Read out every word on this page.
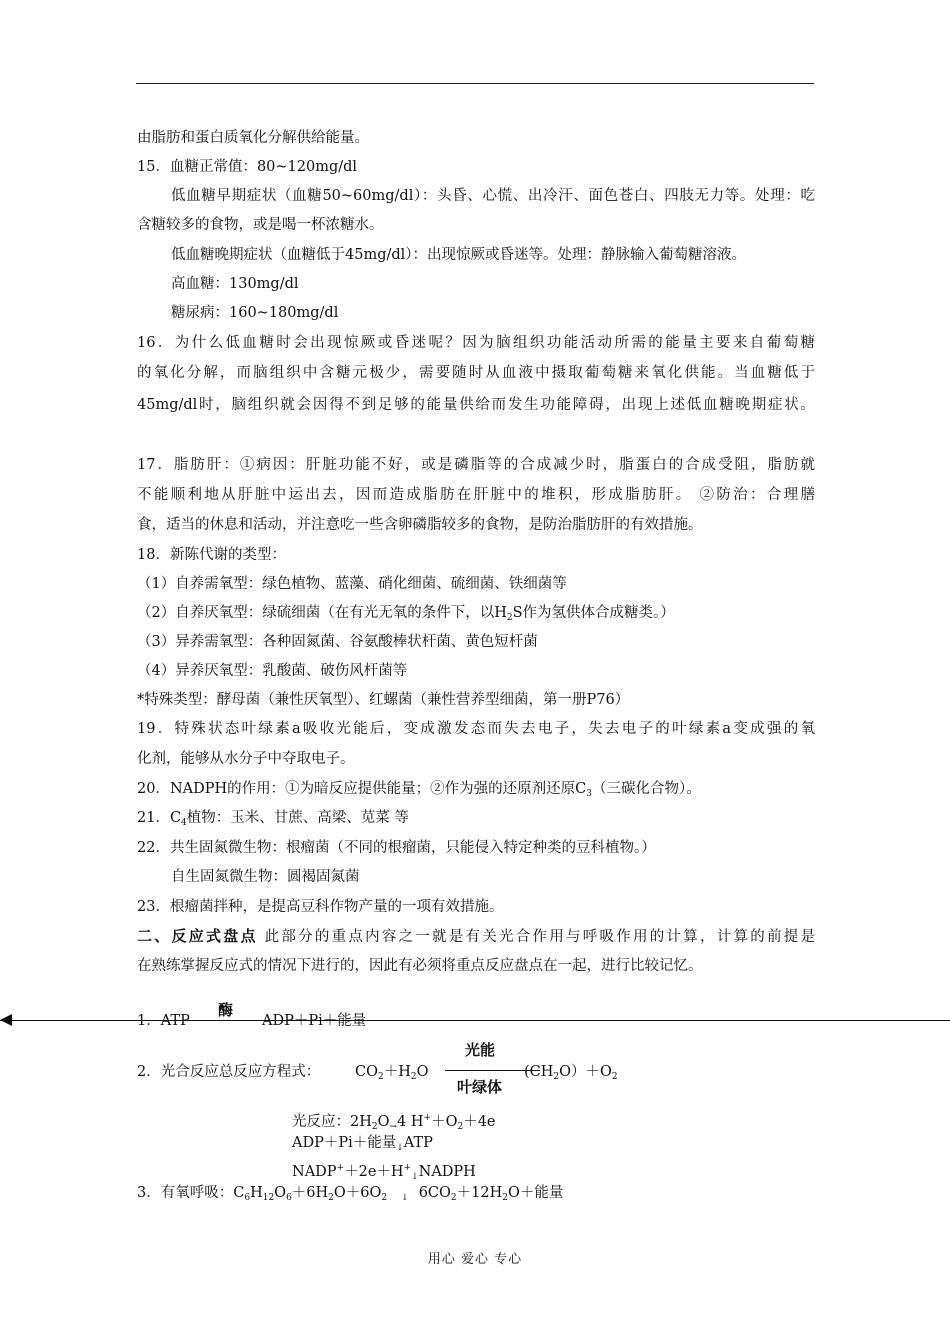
由脂肪和蛋白质氧化分解供给能量。
15．血糖正常值：80~120mg/dl
低血糖早期症状（血糖50~60mg/dl）：头昏、心慌、出冷汗、面色苍白、四肢无力等。处理：吃
含糖较多的食物，或是喝一杯浓糖水。
低血糖晚期症状（血糖低于45mg/dl）：出现惊厥或昏迷等。处理：静脉输入葡萄糖溶液。
高血糖：130mg/dl
糖尿病：160~180mg/dl
16．为什么低血糖时会出现惊厥或昏迷呢？因为脑组织功能活动所需的能量主要来自葡萄糖
的氧化分解，而脑组织中含糖元极少，需要随时从血液中摄取葡萄糖来氧化供能。当血糖低于
45mg/dl时，脑组织就会因得不到足够的能量供给而发生功能障碍，出现上述低血糖晚期症状。
17．脂肪肝：①病因：肝脏功能不好，或是磷脂等的合成减少时，脂蛋白的合成受阻，脂肪就
不能顺利地从肝脏中运出去，因而造成脂肪在肝脏中的堆积，形成脂肪肝。 ②防治：合理膳
食，适当的休息和活动，并注意吃一些含卵磷脂较多的食物，是防治脂肪肝的有效措施。
18．新陈代谢的类型：
（1）自养需氧型：绿色植物、蓝藻、硝化细菌、硫细菌、铁细菌等
（2）自养厌氧型：绿硫细菌（在有光无氧的条件下，以$H_2S$作为氢供体合成糖类。）
（3）异养需氧型：各种固氮菌、谷氨酸棒状杆菌、黄色短杆菌
（4）异养厌氧型：乳酸菌、破伤风杆菌等
*特殊类型：酵母菌（兼性厌氧型）、红螺菌（兼性营养型细菌，第一册P76）
19．特殊状态叶绿素a吸收光能后，变成激发态而失去电子，失去电子的叶绿素a变成强的氧
化剂，能够从水分子中夺取电子。
20．NADPH的作用：①为暗反应提供能量；②作为强的还原剂还原$C_3$（三碳化合物）。
21．$C_4$植物：玉米、甘蔗、高梁、苋菜 等
22．共生固氮微生物：根瘤菌（不同的根瘤菌，只能侵入特定种类的豆科植物。）
自生固氮微生物：圆褐固氮菌
23．根瘤菌拌种，是提高豆科作物产量的一项有效措施。
二、反应式盘点 此部分的重点内容之一就是有关光合作用与呼吸作用的计算，计算的前提是
在熟练掌握反应式的情况下进行的，因此有必须将重点反应盘点在一起，进行比较记忆。
1．ATP
酶
ADP＋Pi＋能量
2．光合反应总反应方程式： $CO_2+H_2O$
光能
叶绿体
$(CH_2O)+O_2$
光反应：$2H_2O_\to 4$ $H^++O_2+4e$
ADP＋Pi＋能量$_↓$ATP
$NADP^++2e+H^+_↓NADPH$
3．有氧呼吸：$C_6H_{12}O_6+6H_2O+6O_2$ $_↓$ $6CO_2+12H_2O+$能量
用心 爱心 专心
